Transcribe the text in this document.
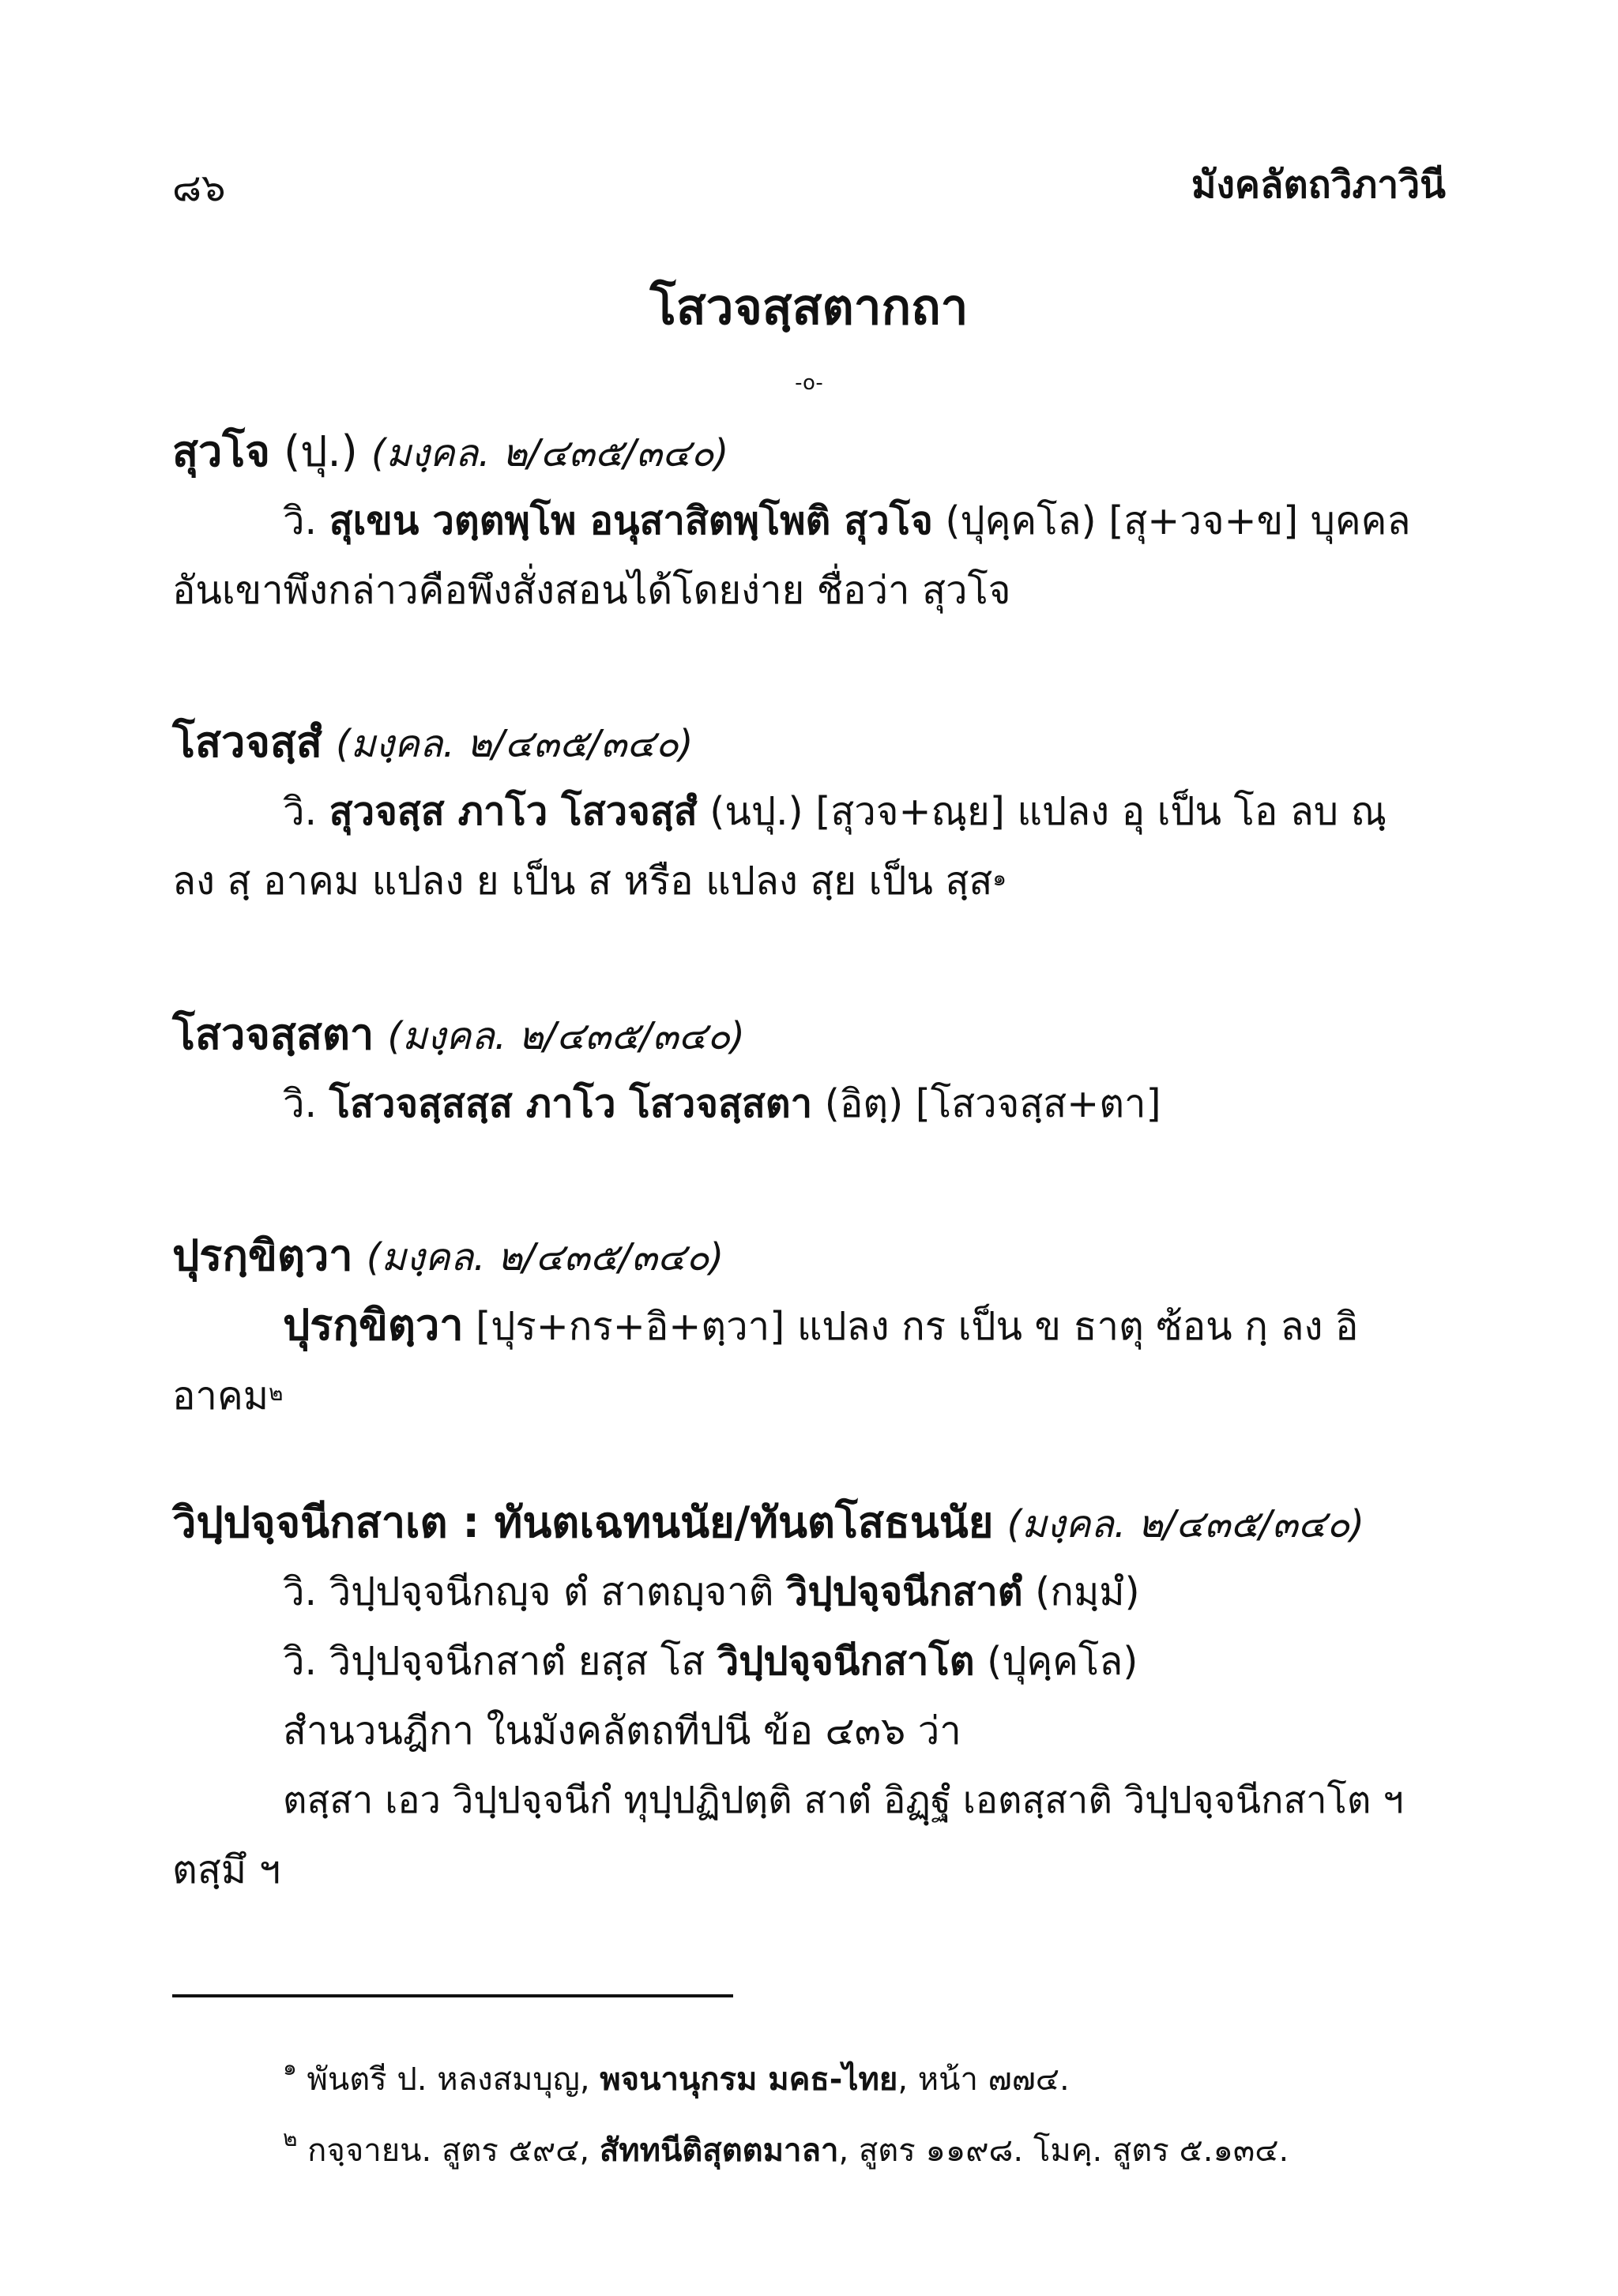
๘๖	มังคลัตถวิภาวินี
โสวจสฺสตากถา
-o-
สุวโจ (ปุ.) (มงฺคล. ๒/๔๓๕/๓๔๐)
วิ. สุเขน วตฺตพฺโพ อนุสาสิตพฺโพติ สุวโจ (ปุคฺคโล) [สุ+วจ+ข] บุคคล
อันเขาพึงกล่าวคือพึงสั่งสอนได้โดยง่าย ชื่อว่า สุวโจ
โสวจสฺสํ (มงฺคล. ๒/๔๓๕/๓๔๐)
วิ. สุวจสฺส ภาโว โสวจสฺสํ (นปุ.) [สุวจ+ณฺย] แปลง อุ เป็น โอ ลบ ณฺ
ลง สฺ อาคม แปลง ย เป็น ส หรือ แปลง สฺย เป็น สฺส$^๑$
โสวจสฺสตา (มงฺคล. ๒/๔๓๕/๓๔๐)
วิ. โสวจสฺสสฺส ภาโว โสวจสฺสตา (อิตฺ) [โสวจสฺส+ตา]
ปุรกฺขิตฺวา (มงฺคล. ๒/๔๓๕/๓๔๐)
ปุรกฺขิตฺวา [ปุร+กร+อิ+ตฺวา] แปลง กร เป็น ข ธาตุ ซ้อน กฺ ลง อิ
อาคม$^๒$
วิปฺปจฺจนีกสาเต : ทันตเฉทนนัย/ทันตโสธนนัย (มงฺคล. ๒/๔๓๕/๓๔๐)
วิ. วิปฺปจฺจนีกญฺจ ตํ สาตญฺจาติ วิปฺปจฺจนีกสาตํ (กมฺมํ)
วิ. วิปฺปจฺจนีกสาตํ ยสฺส โส วิปฺปจฺจนีกสาโต (ปุคฺคโล)
สำนวนฎีกา ในมังคลัตถทีปนี ข้อ ๔๓๖ ว่า
ตสฺสา เอว วิปฺปจฺจนีกํ ทุปฺปฏิปตฺติ สาตํ อิฏฺฐํ เอตสฺสาติ วิปฺปจฺจนีกสาโต ฯ
ตสฺมึ ฯ
$^๑$ พันตรี ป. หลงสมบุญ, พจนานุกรม มคธ-ไทย, หน้า ๗๗๔.
$^๒$ กจฺจายน. สูตร ๕๙๔, สัททนีติสุตตมาลา, สูตร ๑๑๙๘. โมคฺ. สูตร ๕.๑๓๔.
